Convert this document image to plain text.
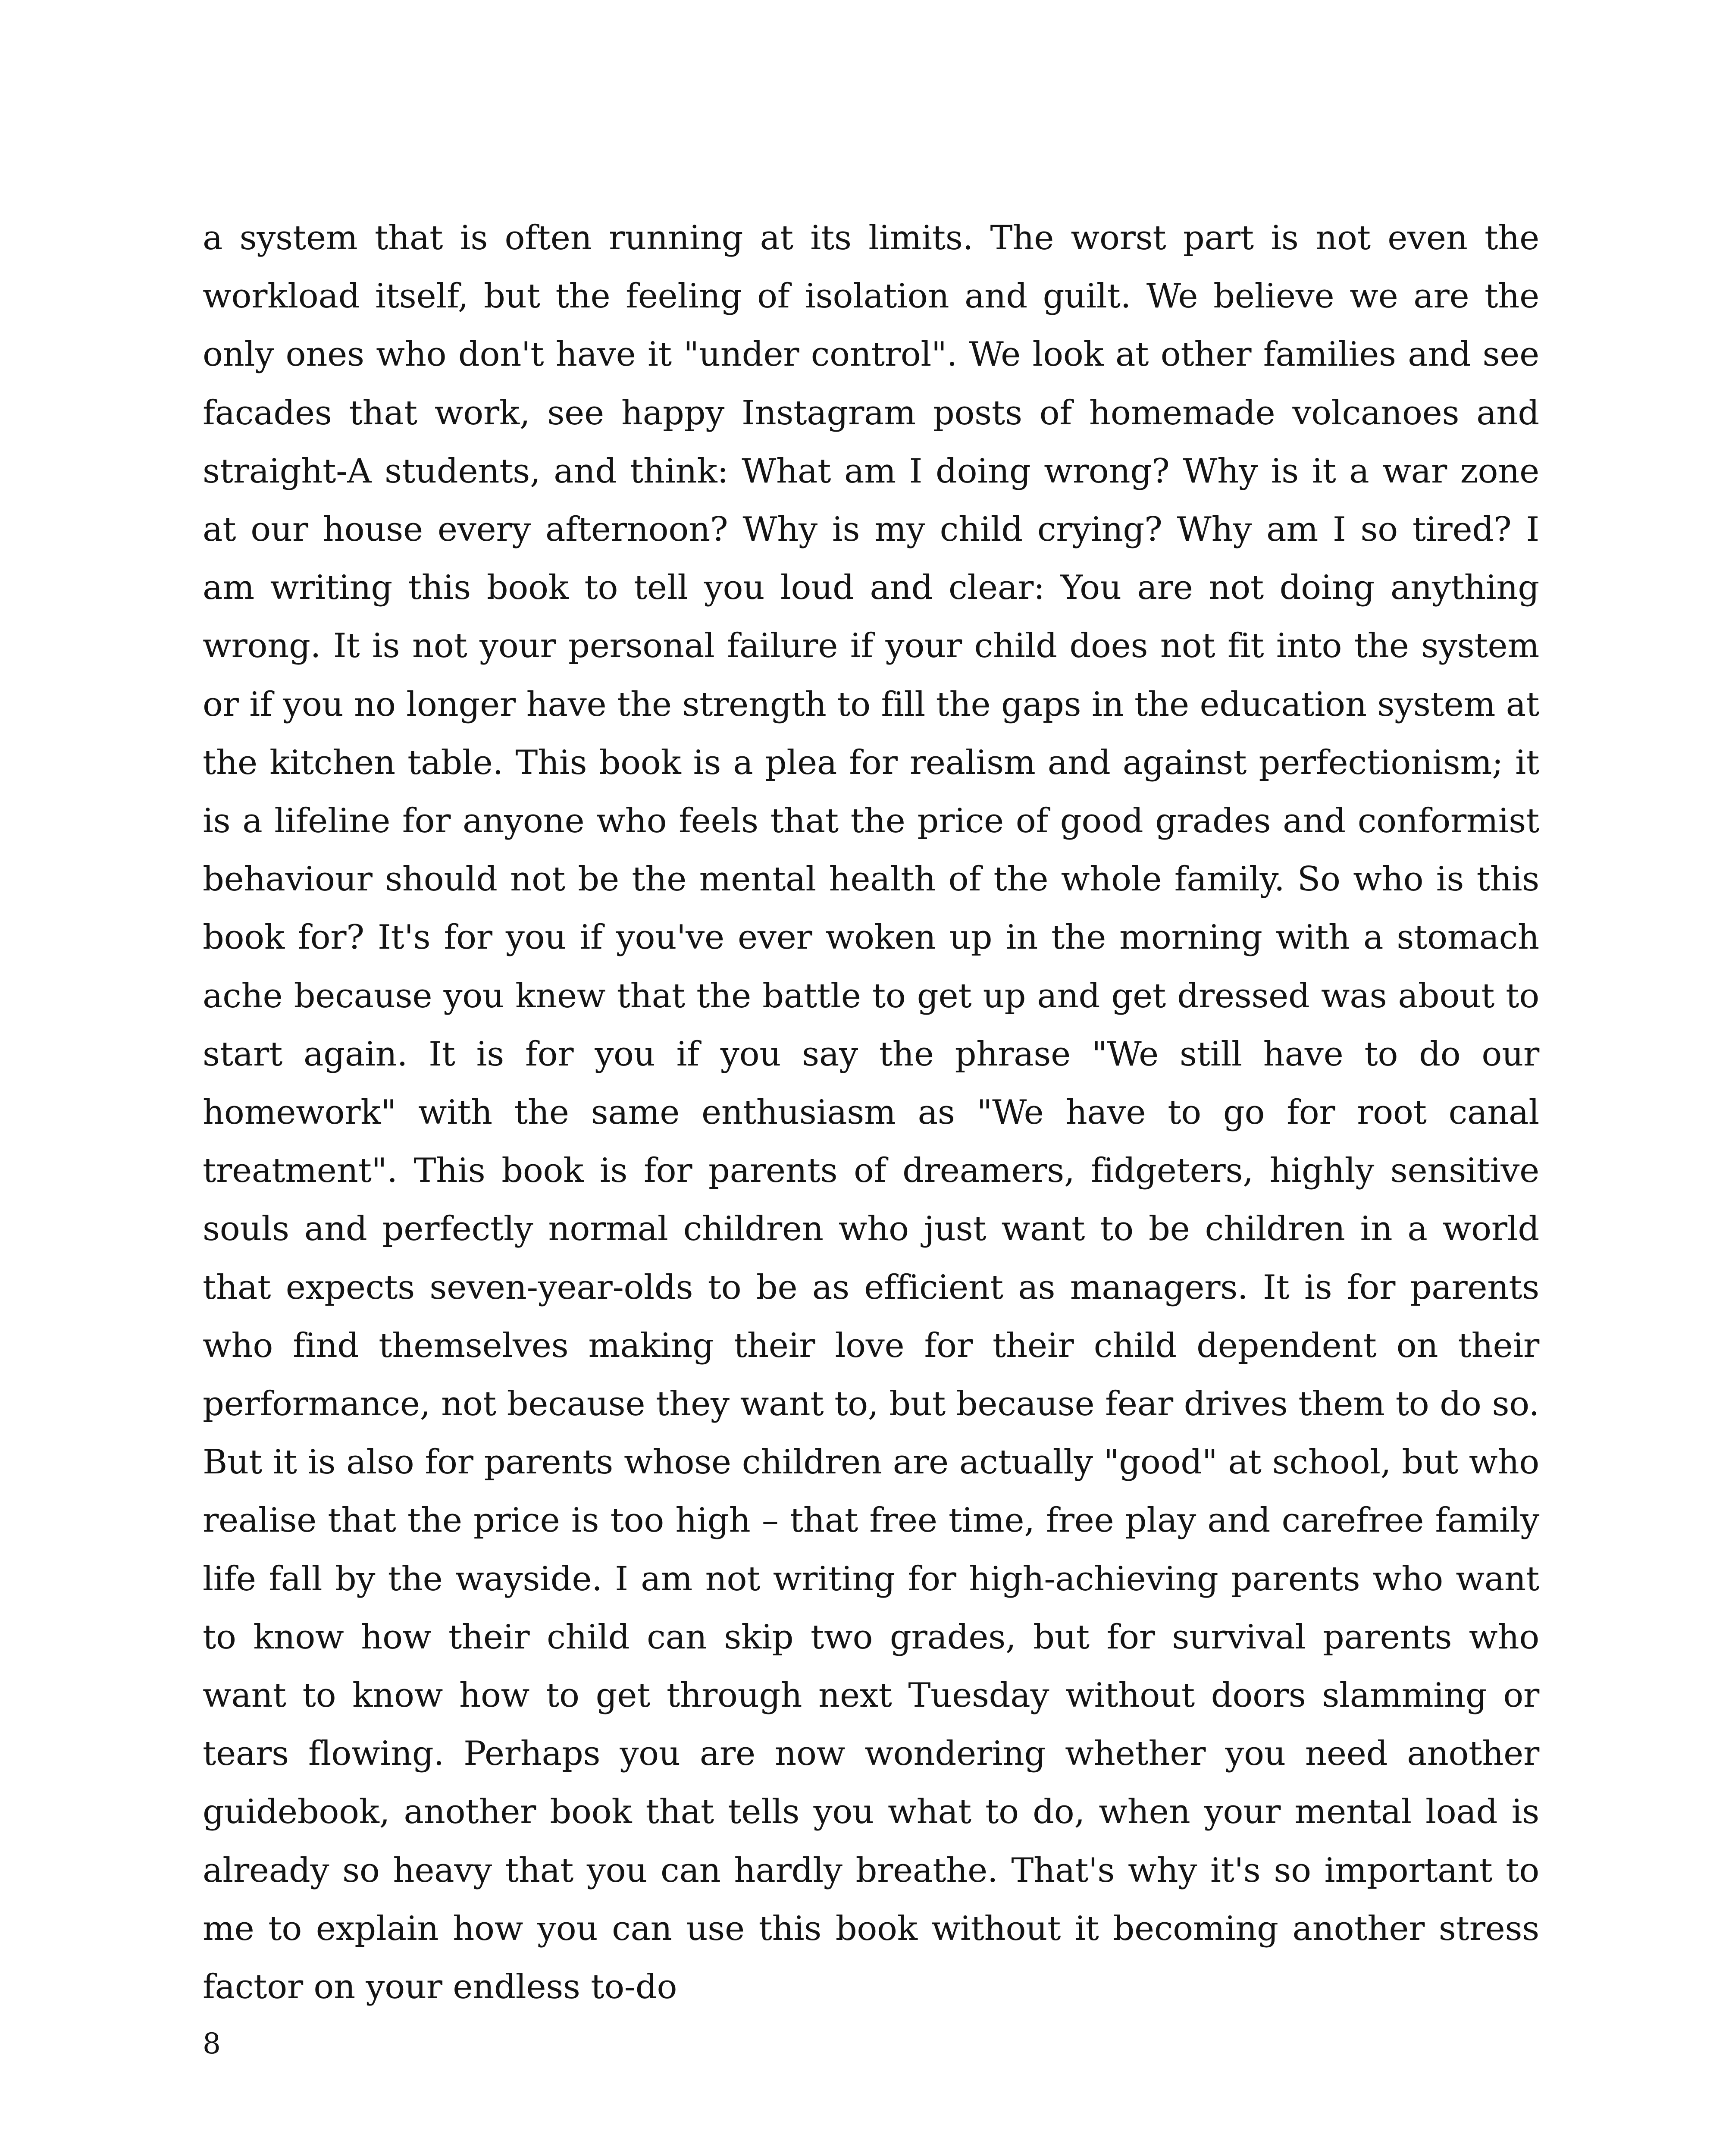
a system that is often running at its limits. The worst part is not even the workload itself, but the feeling of isolation and guilt. We believe we are the only ones who don't have it "under control". We look at other families and see facades that work, see happy Instagram posts of homemade volcanoes and straight-A students, and think: What am I doing wrong? Why is it a war zone at our house every afternoon? Why is my child crying? Why am I so tired? I am writing this book to tell you loud and clear: You are not doing anything wrong. It is not your personal failure if your child does not fit into the system or if you no longer have the strength to fill the gaps in the education system at the kitchen table. This book is a plea for realism and against perfectionism; it is a lifeline for anyone who feels that the price of good grades and conformist behaviour should not be the mental health of the whole family. So who is this book for? It's for you if you've ever woken up in the morning with a stomach ache because you knew that the battle to get up and get dressed was about to start again. It is for you if you say the phrase "We still have to do our homework" with the same enthusiasm as "We have to go for root canal treatment". This book is for parents of dreamers, fidgeters, highly sensitive souls and perfectly normal children who just want to be children in a world that expects seven-year-olds to be as efficient as managers. It is for parents who find themselves making their love for their child dependent on their performance, not because they want to, but because fear drives them to do so. But it is also for parents whose children are actually "good" at school, but who realise that the price is too high – that free time, free play and carefree family life fall by the wayside. I am not writing for high-achieving parents who want to know how their child can skip two grades, but for survival parents who want to know how to get through next Tuesday without doors slamming or tears flowing. Perhaps you are now wondering whether you need another guidebook, another book that tells you what to do, when your mental load is already so heavy that you can hardly breathe. That's why it's so important to me to explain how you can use this book without it becoming another stress factor on your endless to-do

8
